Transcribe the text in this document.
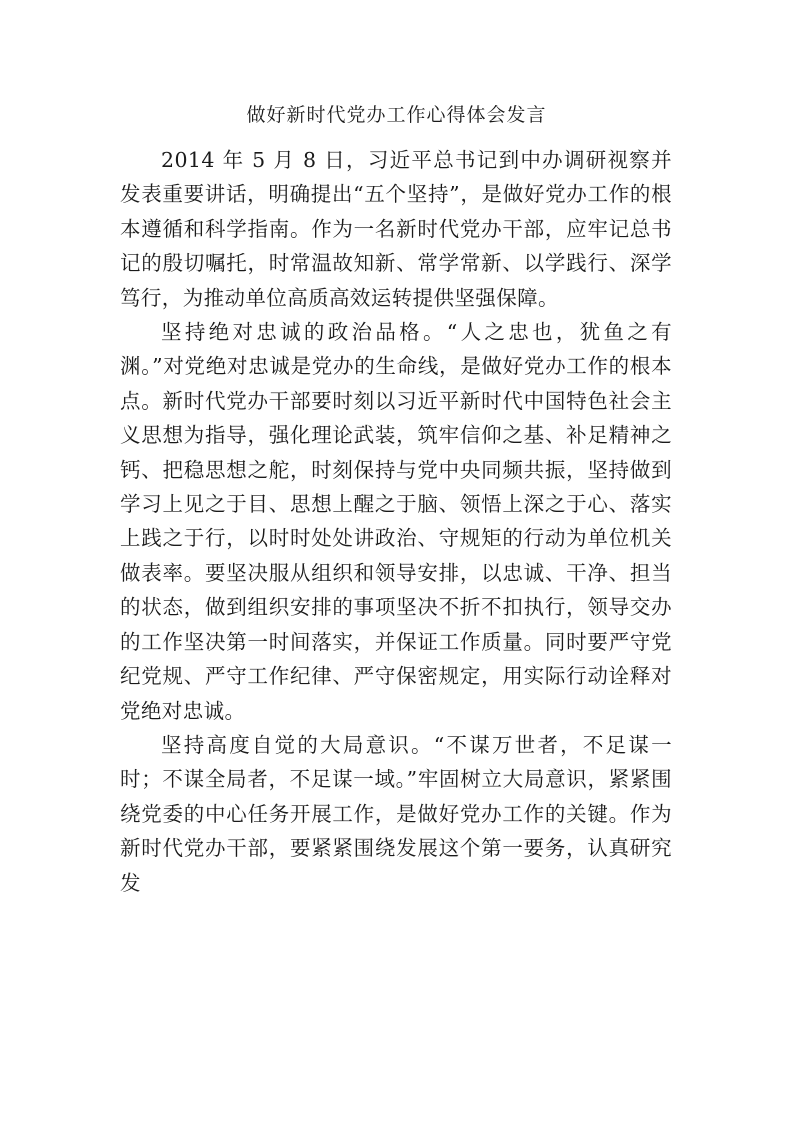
做好新时代党办工作心得体会发言

2014 年 5 月 8 日，习近平总书记到中办调研视察并发表重要讲话，明确提出“五个坚持”，是做好党办工作的根本遵循和科学指南。作为一名新时代党办干部，应牢记总书记的殷切嘱托，时常温故知新、常学常新、以学践行、深学笃行，为推动单位高质高效运转提供坚强保障。

坚持绝对忠诚的政治品格。“人之忠也，犹鱼之有渊。”对党绝对忠诚是党办的生命线，是做好党办工作的根本点。新时代党办干部要时刻以习近平新时代中国特色社会主义思想为指导，强化理论武装，筑牢信仰之基、补足精神之钙、把稳思想之舵，时刻保持与党中央同频共振，坚持做到学习上见之于目、思想上醒之于脑、领悟上深之于心、落实上践之于行，以时时处处讲政治、守规矩的行动为单位机关做表率。要坚决服从组织和领导安排，以忠诚、干净、担当的状态，做到组织安排的事项坚决不折不扣执行，领导交办的工作坚决第一时间落实，并保证工作质量。同时要严守党纪党规、严守工作纪律、严守保密规定，用实际行动诠释对党绝对忠诚。

坚持高度自觉的大局意识。“不谋万世者，不足谋一时；不谋全局者，不足谋一域。”牢固树立大局意识，紧紧围绕党委的中心任务开展工作，是做好党办工作的关键。作为新时代党办干部，要紧紧围绕发展这个第一要务，认真研究发
